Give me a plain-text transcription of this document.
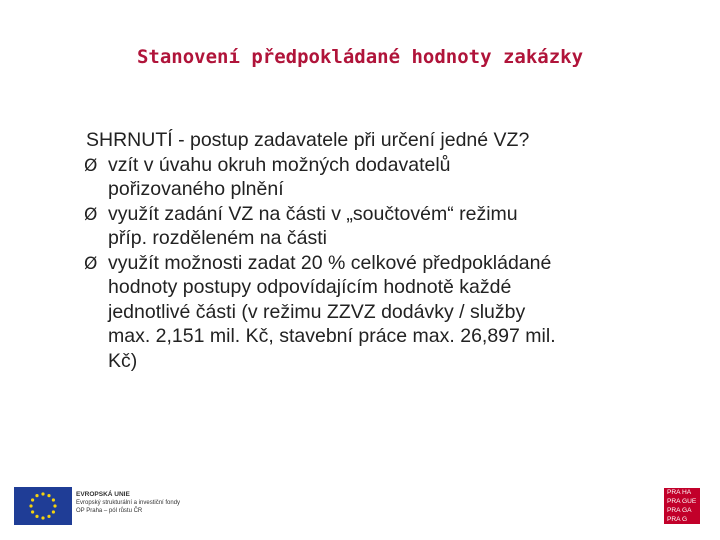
Stanovení předpokládané hodnoty zakázky

SHRNUTÍ - postup zadavatele při určení jedné VZ?

Ø vzít v úvahu okruh možných dodavatelů
pořizovaného plnění
Ø využít zadání VZ na části v „součtovém“ režimu
příp. rozděleném na části
Ø využít možnosti zadat 20 % celkové předpokládané
hodnoty postupy odpovídajícím hodnotě každé
jednotlivé části (v režimu ZZVZ dodávky / služby
max. 2,151 mil. Kč, stavební práce max. 26,897 mil.
Kč)
EVROPSKÁ UNIE
Evropský strukturální a investiční fondy
OP Praha – pól růstu ČR
PRA HA
PRA GUE
PRA GA
PRA G
